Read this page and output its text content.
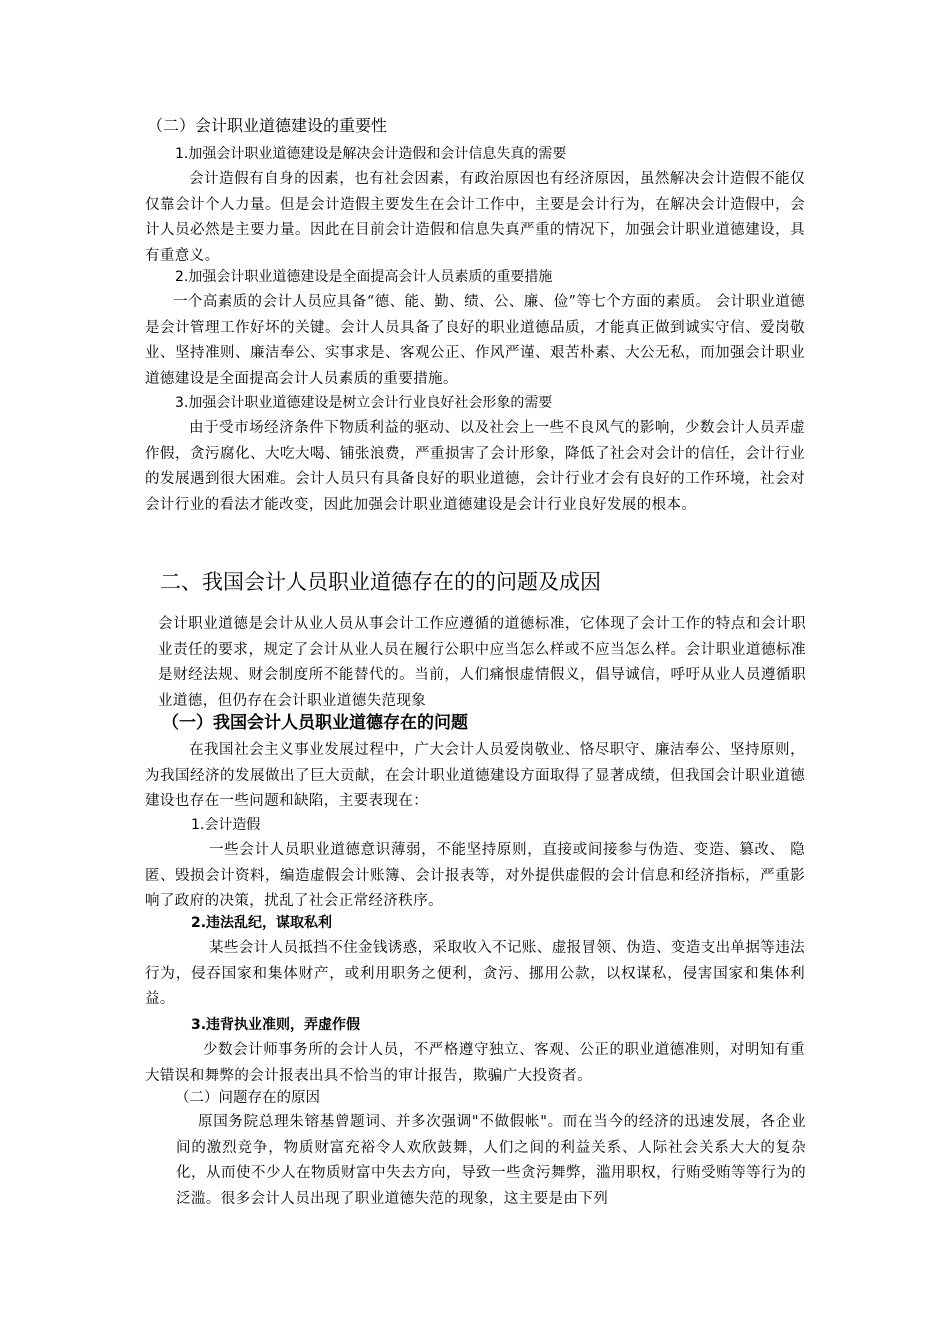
（二）会计职业道德建设的重要性

1.加强会计职业道德建设是解决会计造假和会计信息失真的需要

会计造假有自身的因素，也有社会因素，有政治原因也有经济原因，虽然解决会计造假不能仅仅靠会计个人力量。但是会计造假主要发生在会计工作中，主要是会计行为，在解决会计造假中，会计人员必然是主要力量。因此在目前会计造假和信息失真严重的情况下，加强会计职业道德建设，具有重意义。

2.加强会计职业道德建设是全面提高会计人员素质的重要措施

一个高素质的会计人员应具备“德、能、勤、绩、公、廉、俭”等七个方面的素质。 会计职业道德是会计管理工作好坏的关键。会计人员具备了良好的职业道德品质，才能真正做到诚实守信、爱岗敬业、坚持准则、廉洁奉公、实事求是、客观公正、作风严谨、艰苦朴素、大公无私，而加强会计职业道德建设是全面提高会计人员素质的重要措施。

3.加强会计职业道德建设是树立会计行业良好社会形象的需要

由于受市场经济条件下物质利益的驱动、以及社会上一些不良风气的影响，少数会计人员弄虚作假，贪污腐化、大吃大喝、铺张浪费，严重损害了会计形象，降低了社会对会计的信任，会计行业的发展遇到很大困难。会计人员只有具备良好的职业道德，会计行业才会有良好的工作环境，社会对会计行业的看法才能改变，因此加强会计职业道德建设是会计行业良好发展的根本。

二、我国会计人员职业道德存在的的问题及成因

会计职业道德是会计从业人员从事会计工作应遵循的道德标准，它体现了会计工作的特点和会计职业责任的要求，规定了会计从业人员在履行公职中应当怎么样或不应当怎么样。会计职业道德标准是财经法规、财会制度所不能替代的。当前，人们痛恨虚情假义，倡导诚信，呼吁从业人员遵循职业道德，但仍存在会计职业道德失范现象

（一）我国会计人员职业道德存在的问题

在我国社会主义事业发展过程中，广大会计人员爱岗敬业、恪尽职守、廉洁奉公、坚持原则，为我国经济的发展做出了巨大贡献，在会计职业道德建设方面取得了显著成绩，但我国会计职业道德建设也存在一些问题和缺陷，主要表现在：

1.会计造假

一些会计人员职业道德意识薄弱，不能坚持原则，直接或间接参与伪造、变造、篡改、 隐匿、毁损会计资料，编造虚假会计账簿、会计报表等，对外提供虚假的会计信息和经济指标，严重影响了政府的决策，扰乱了社会正常经济秩序。

2.违法乱纪，谋取私利

某些会计人员抵挡不住金钱诱惑，采取收入不记账、虚报冒领、伪造、变造支出单据等违法行为，侵吞国家和集体财产，或利用职务之便利，贪污、挪用公款，以权谋私，侵害国家和集体利益。

3.违背执业准则，弄虚作假

少数会计师事务所的会计人员，不严格遵守独立、客观、公正的职业道德准则，对明知有重大错误和舞弊的会计报表出具不恰当的审计报告，欺骗广大投资者。

（二）问题存在的原因

原国务院总理朱镕基曾题词、并多次强调"不做假帐"。而在当今的经济的迅速发展，各企业间的激烈竞争，物质财富充裕令人欢欣鼓舞，人们之间的利益关系、人际社会关系大大的复杂化，从而使不少人在物质财富中失去方向，导致一些贪污舞弊，滥用职权，行贿受贿等等行为的泛滥。很多会计人员出现了职业道德失范的现象，这主要是由下列
